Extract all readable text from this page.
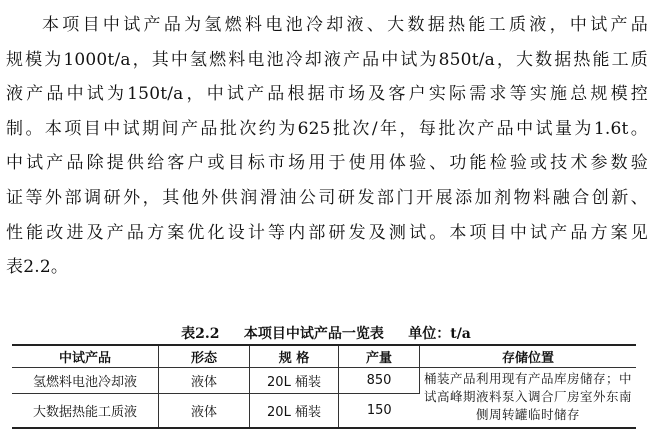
本项目中试产品为氢燃料电池冷却液、大数据热能工质液，中试产品
规模为1000t/a，其中氢燃料电池冷却液产品中试为850t/a，大数据热能工质
液产品中试为150t/a，中试产品根据市场及客户实际需求等实施总规模控
制。本项目中试期间产品批次约为625批次/年，每批次产品中试量为1.6t。
中试产品除提供给客户或目标市场用于使用体验、功能检验或技术参数验
证等外部调研外，其他外供润滑油公司研发部门开展添加剂物料融合创新、
性能改进及产品方案优化设计等内部研发及测试。本项目中试产品方案见
表2.2。
表2.2     本项目中试产品一览表     单位：t/a
中试产品	形态	规 格	产量	存储位置
氢燃料电池冷却液	液体	20L 桶装	850	桶装产品利用现有产品库房储存；中试高峰期液料泵入调合厂房室外东南侧周转罐临时储存
大数据热能工质液	液体	20L 桶装	150	
